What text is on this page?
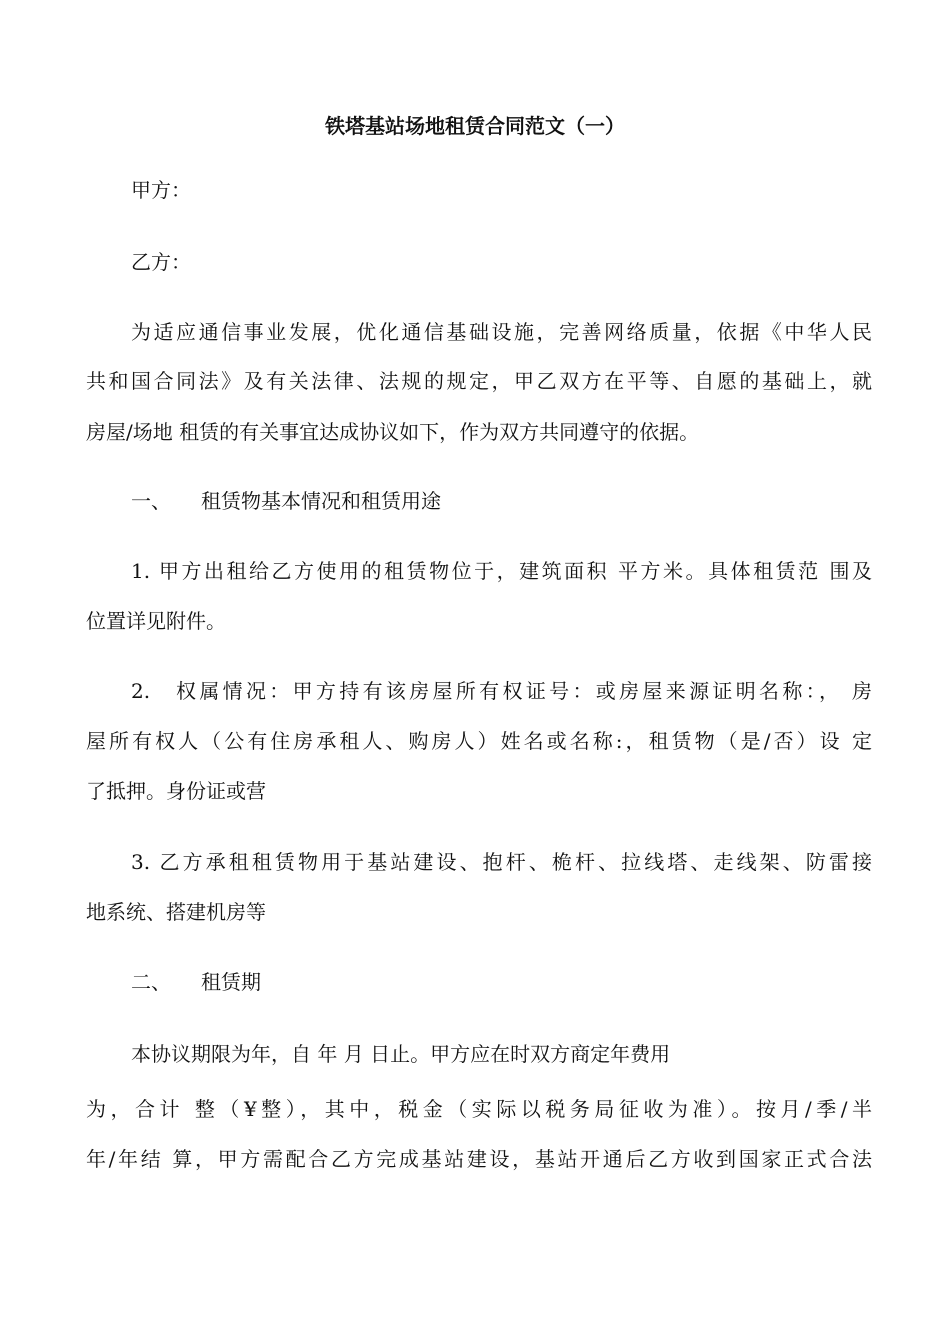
铁塔基站场地租赁合同范文（一）
甲方：
乙方：
为适应通信事业发展，优化通信基础设施，完善网络质量，依据《中华人民
共和国合同法》及有关法律、法规的规定，甲乙双方在平等、自愿的基础上，就
房屋/场地 租赁的有关事宜达成协议如下，作为双方共同遵守的依据。
一、 租赁物基本情况和租赁用途
1. 甲方出租给乙方使用的租赁物位于，建筑面积 平方米。具体租赁范 围及
位置详见附件。
2. 权属情况：甲方持有该房屋所有权证号：或房屋来源证明名称：， 房
屋所有权人（公有住房承租人、购房人）姓名或名称:，租赁物（是/否）设 定
了抵押。身份证或营
3. 乙方承租租赁物用于基站建设、抱杆、桅杆、拉线塔、走线架、防雷接
地系统、搭建机房等
二、 租赁期
本协议期限为年，自 年 月 日止。甲方应在时双方商定年费用
为，合计 整（¥整），其中，税金（实际以税务局征收为准）。按月/季/半
年/年结 算，甲方需配合乙方完成基站建设，基站开通后乙方收到国家正式合法
